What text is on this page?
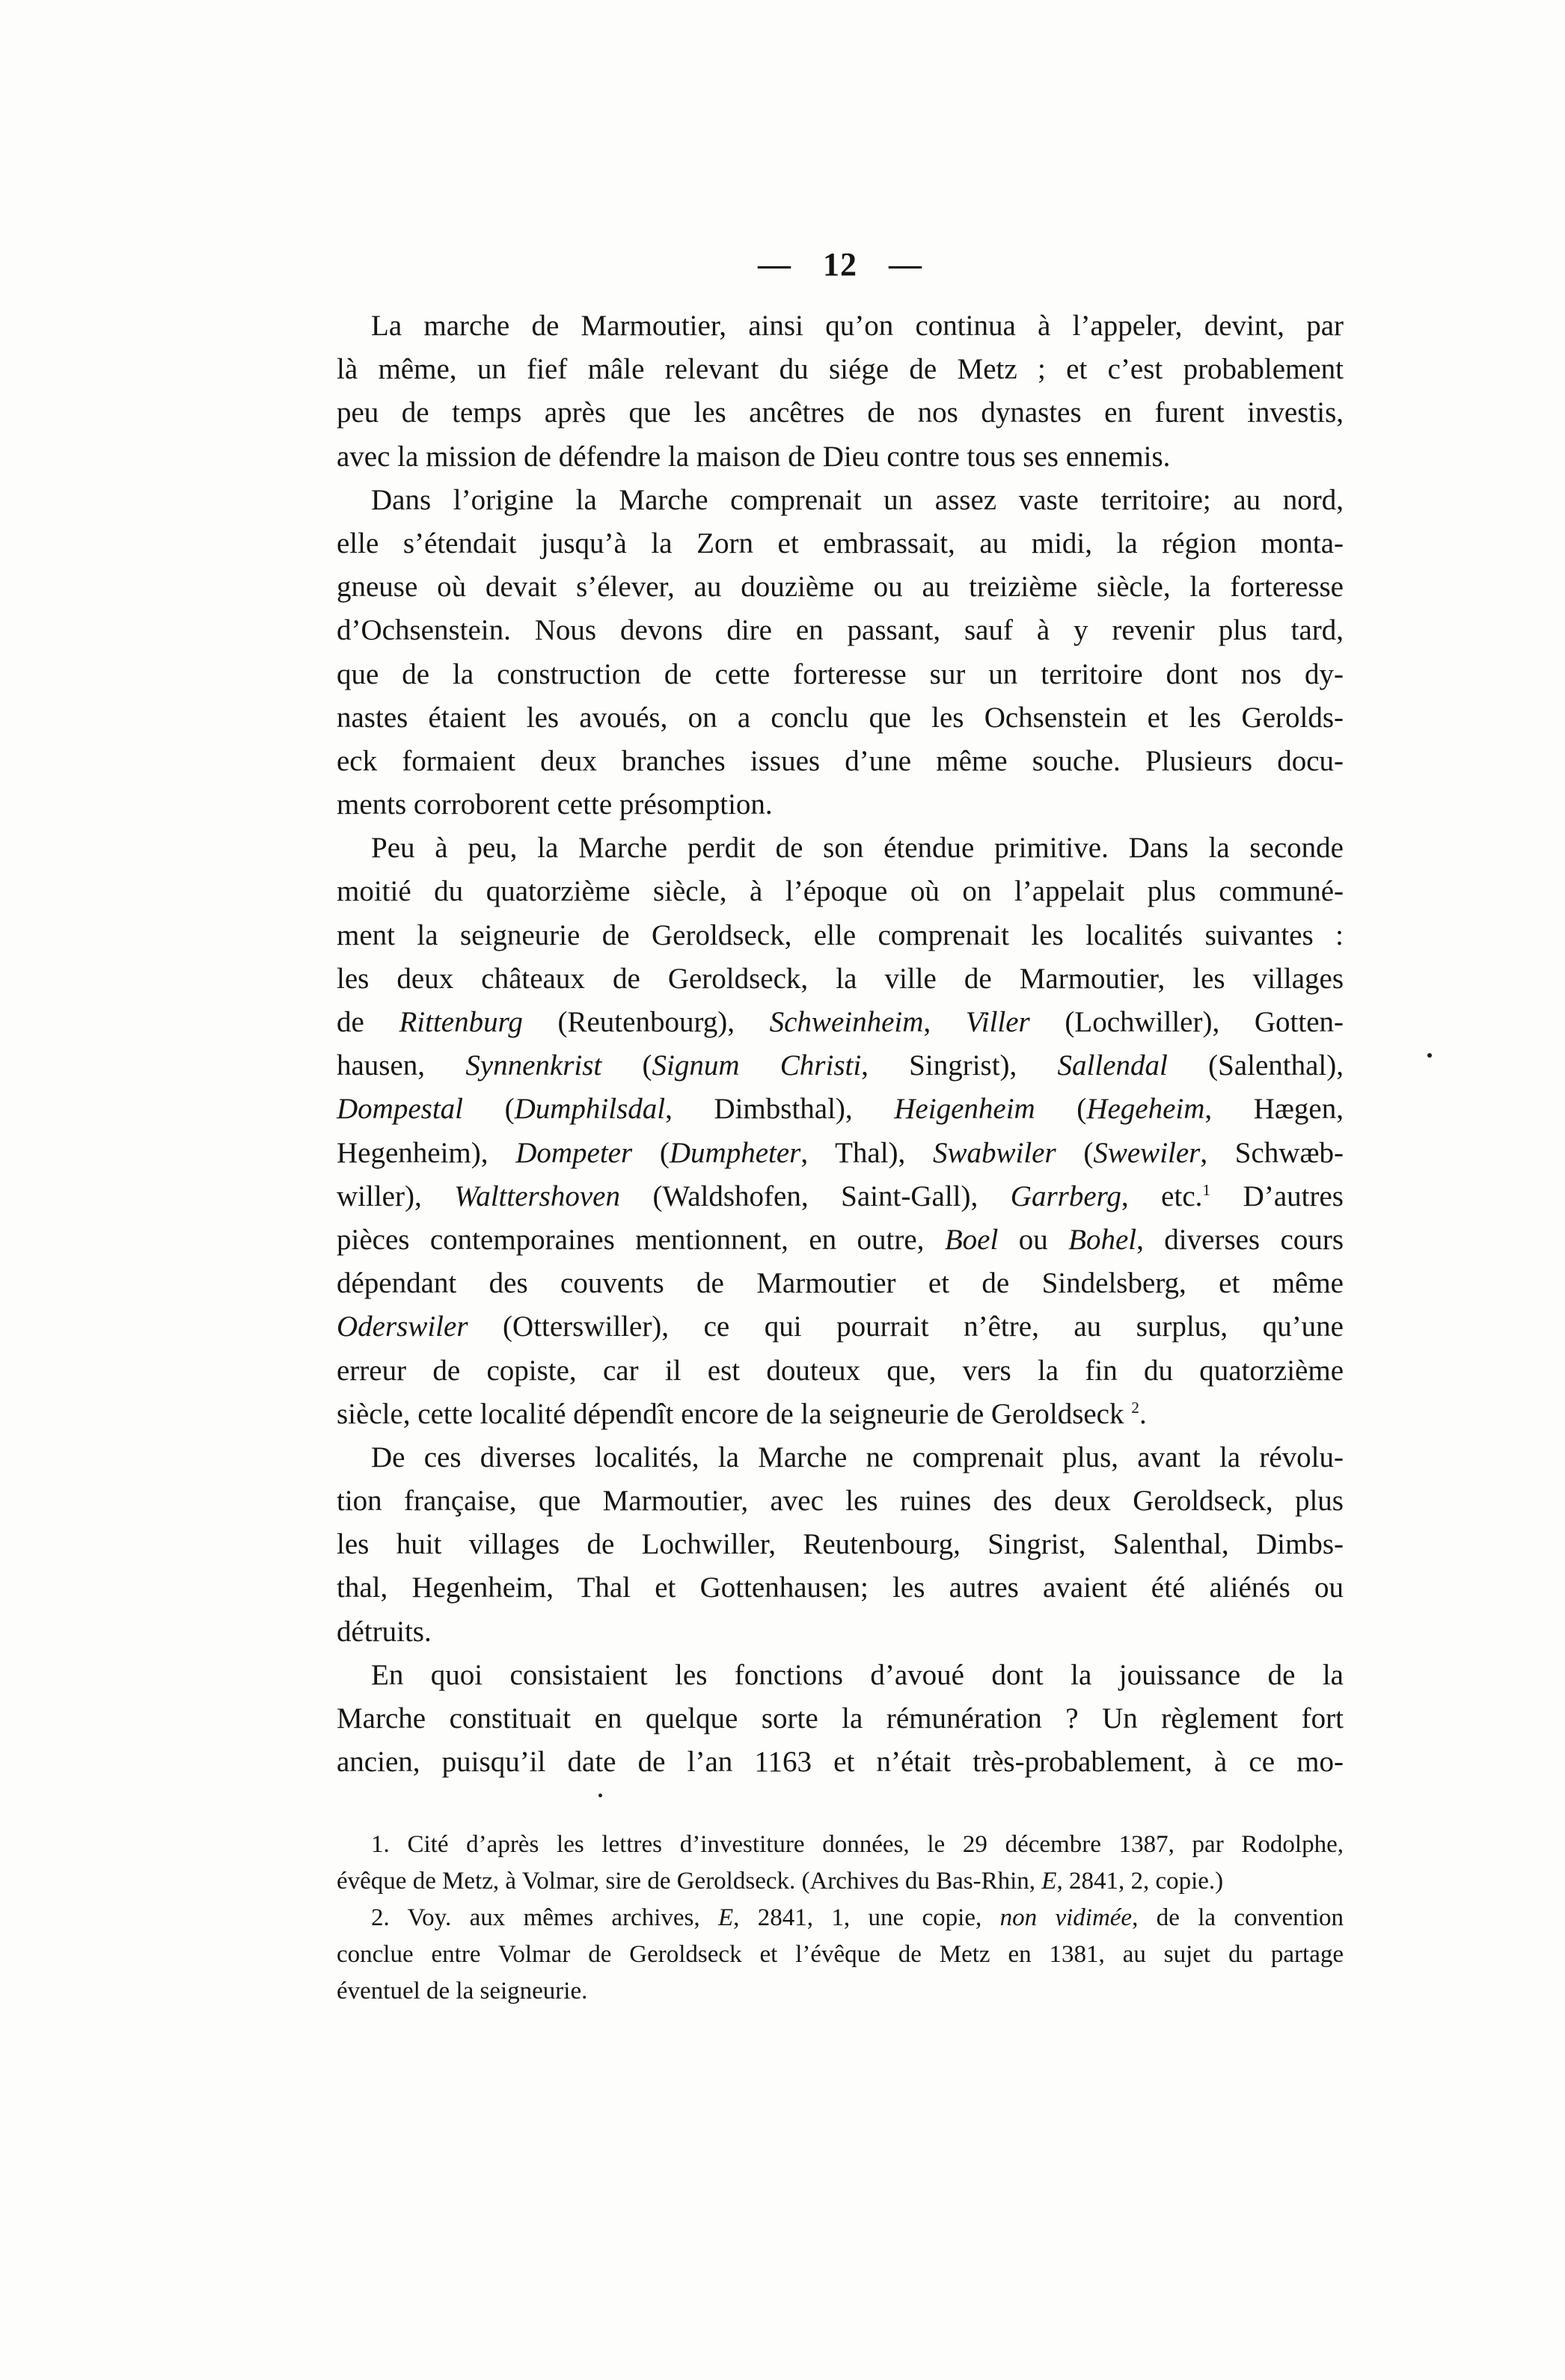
— 12 —
La marche de Marmoutier, ainsi qu’on continua à l’appeler, devint, par
là même, un fief mâle relevant du siége de Metz ; et c’est probablement
peu de temps après que les ancêtres de nos dynastes en furent investis,
avec la mission de défendre la maison de Dieu contre tous ses ennemis.
Dans l’origine la Marche comprenait un assez vaste territoire; au nord,
elle s’étendait jusqu’à la Zorn et embrassait, au midi, la région monta-
gneuse où devait s’élever, au douzième ou au treizième siècle, la forteresse
d’Ochsenstein. Nous devons dire en passant, sauf à y revenir plus tard,
que de la construction de cette forteresse sur un territoire dont nos dy-
nastes étaient les avoués, on a conclu que les Ochsenstein et les Gerolds-
eck formaient deux branches issues d’une même souche. Plusieurs docu-
ments corroborent cette présomption.
Peu à peu, la Marche perdit de son étendue primitive. Dans la seconde
moitié du quatorzième siècle, à l’époque où on l’appelait plus communé-
ment la seigneurie de Geroldseck, elle comprenait les localités suivantes :
les deux châteaux de Geroldseck, la ville de Marmoutier, les villages
de Rittenburg (Reutenbourg), Schweinheim, Viller (Lochwiller), Gotten-
hausen, Synnenkrist (Signum Christi, Singrist), Sallendal (Salenthal),
Dompestal (Dumphilsdal, Dimbsthal), Heigenheim (Hegeheim, Hægen,
Hegenheim), Dompeter (Dumpheter, Thal), Swabwiler (Swewiler, Schwæb-
willer), Walttershoven (Waldshofen, Saint-Gall), Garrberg, etc.$^1$ D’autres
pièces contemporaines mentionnent, en outre, Boel ou Bohel, diverses cours
dépendant des couvents de Marmoutier et de Sindelsberg, et même
Oderswiler (Otterswiller), ce qui pourrait n’être, au surplus, qu’une
erreur de copiste, car il est douteux que, vers la fin du quatorzième
siècle, cette localité dépendît encore de la seigneurie de Geroldseck $^2$.
De ces diverses localités, la Marche ne comprenait plus, avant la révolu-
tion française, que Marmoutier, avec les ruines des deux Geroldseck, plus
les huit villages de Lochwiller, Reutenbourg, Singrist, Salenthal, Dimbs-
thal, Hegenheim, Thal et Gottenhausen; les autres avaient été aliénés ou
détruits.
En quoi consistaient les fonctions d’avoué dont la jouissance de la
Marche constituait en quelque sorte la rémunération ? Un règlement fort
ancien, puisqu’il date de l’an 1163 et n’était très-probablement, à ce mo-
1. Cité d’après les lettres d’investiture données, le 29 décembre 1387, par Rodolphe,
évêque de Metz, à Volmar, sire de Geroldseck. (Archives du Bas-Rhin, E, 2841, 2, copie.)
2. Voy. aux mêmes archives, E, 2841, 1, une copie, non vidimée, de la convention
conclue entre Volmar de Geroldseck et l’évêque de Metz en 1381, au sujet du partage
éventuel de la seigneurie.
